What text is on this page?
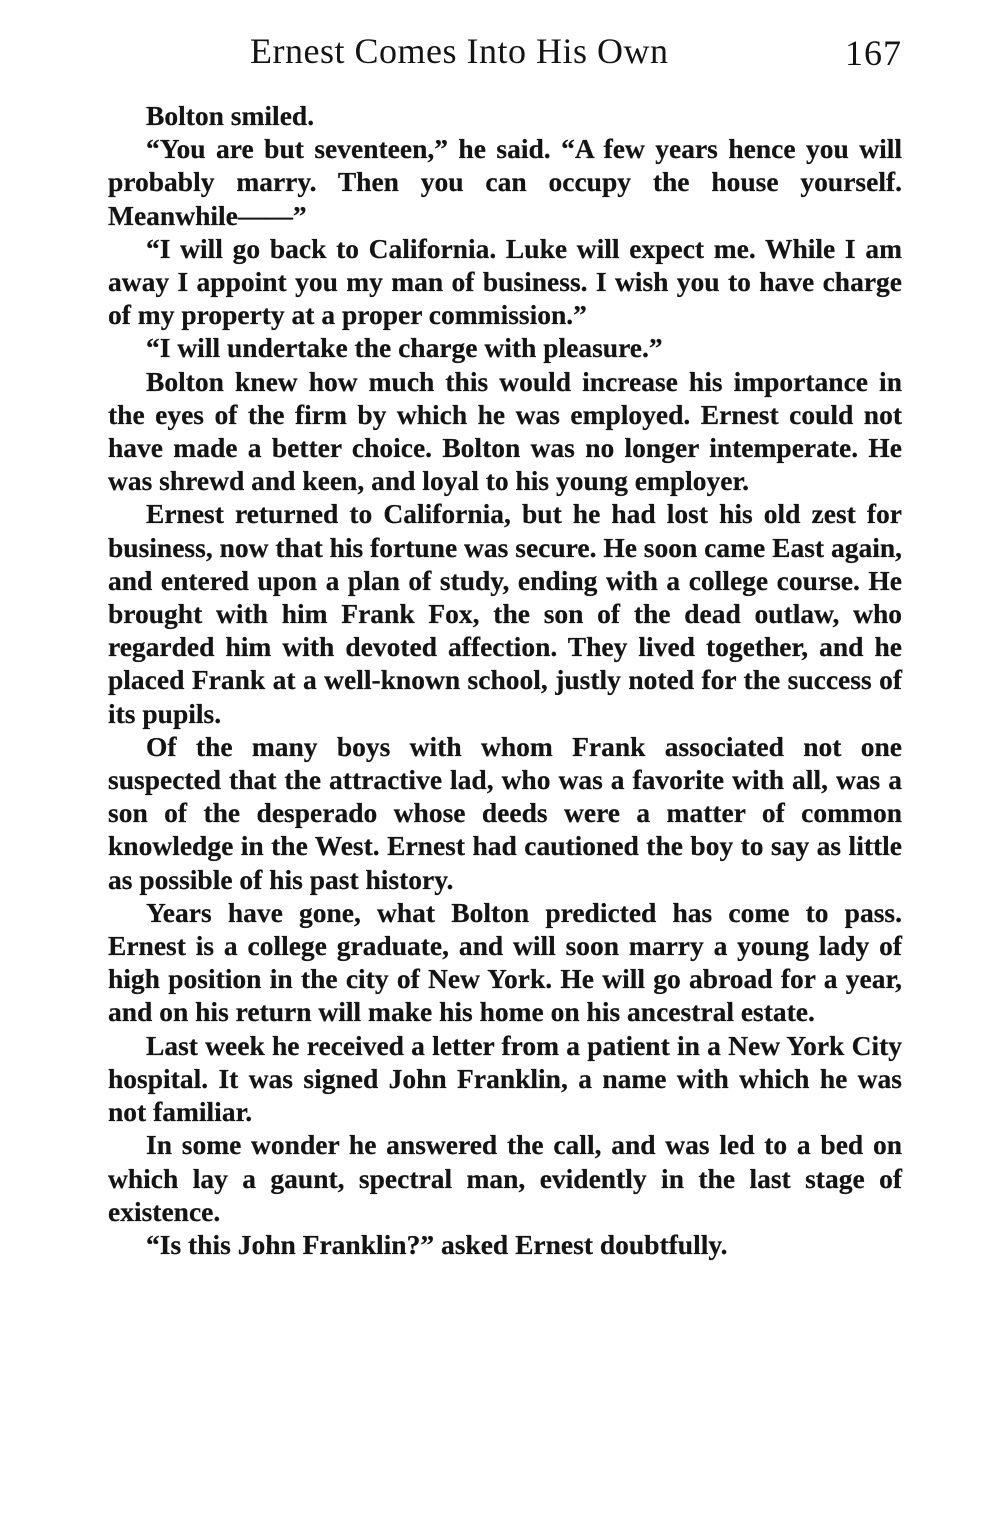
Ernest Comes Into His Own	167

Bolton smiled.

“You are but seventeen,” he said. “A few years hence you will probably marry. Then you can occupy the house yourself. Meanwhile——”

“I will go back to California. Luke will expect me. While I am away I appoint you my man of business. I wish you to have charge of my property at a proper commission.”

“I will undertake the charge with pleasure.”

Bolton knew how much this would increase his importance in the eyes of the firm by which he was employed. Ernest could not have made a better choice. Bolton was no longer intemperate. He was shrewd and keen, and loyal to his young employer.

Ernest returned to California, but he had lost his old zest for business, now that his fortune was secure. He soon came East again, and entered upon a plan of study, ending with a college course. He brought with him Frank Fox, the son of the dead outlaw, who regarded him with devoted affection. They lived together, and he placed Frank at a well-known school, justly noted for the success of its pupils.

Of the many boys with whom Frank associated not one suspected that the attractive lad, who was a favorite with all, was a son of the desperado whose deeds were a matter of common knowledge in the West. Ernest had cautioned the boy to say as little as possible of his past history.

Years have gone, what Bolton predicted has come to pass. Ernest is a college graduate, and will soon marry a young lady of high position in the city of New York. He will go abroad for a year, and on his return will make his home on his ancestral estate.

Last week he received a letter from a patient in a New York City hospital. It was signed John Franklin, a name with which he was not familiar.

In some wonder he answered the call, and was led to a bed on which lay a gaunt, spectral man, evidently in the last stage of existence.

“Is this John Franklin?” asked Ernest doubtfully.
